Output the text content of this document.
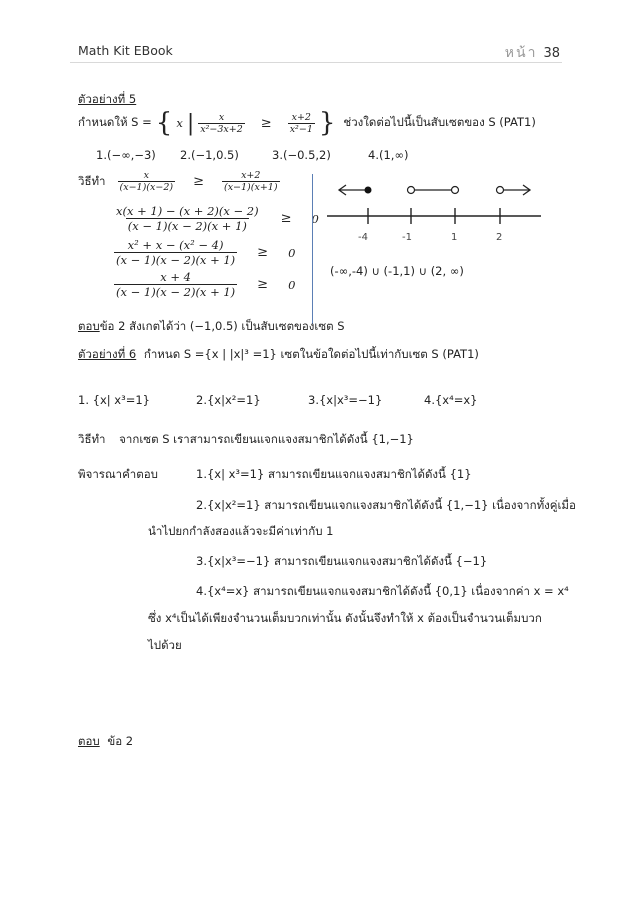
Math Kit EBook	หน้า 38
ตัวอย่างที่ 5
กำหนดให้ S = { x | $\frac{x}{\text{x²−3x+2}} \ge \frac{x+2}{\text{x²−1}}$ } ช่วงใดต่อไปนี้เป็นสับเซตของ S (PAT1)
1.(−∞,−3) 2.(−1,0.5)	3.(−0.5,2)	4.(1,∞)
วิธีทำ $\frac{x}{(x-1)(x-2)} \ge \frac{x+2}{(x-1)(x+1)}$
$\frac{x(x + 1) - (x + 2)(x - 2)}{(x - 1)(x - 2)(x + 1)} \ge 0$
$\frac{\text{x² + x − (x² − 4)}}{(x - 1)(x - 2)(x + 1)} \ge 0$
$\frac{x + 4}{(x - 1)(x - 2)(x + 1)} \ge 0$
-4	-1	1	2
(-∞,-4) ∪ (-1,1) ∪ (2, ∞)
ตอบข้อ 2 สังเกตได้ว่า (−1,0.5) เป็นสับเซตของเซต S
ตัวอย่างที่ 6 กำหนด S ={x | |x|³ =1} เซตในข้อใดต่อไปนี้เท่ากับเซต S (PAT1)
1. {x| x³=1}	2.{x|x²=1}	3.{x|x³=−1}	4.{x⁴=x}
วิธีทำ จากเซต S เราสามารถเขียนแจกแจงสมาชิกได้ดังนี้ {1,−1}
พิจารณาคำตอบ	1.{x| x³=1} สามารถเขียนแจกแจงสมาชิกได้ดังนี้ {1}
2.{x|x²=1} สามารถเขียนแจกแจงสมาชิกได้ดังนี้ {1,−1} เนื่องจากทั้งคู่เมื่อ
นำไปยกกำลังสองแล้วจะมีค่าเท่ากับ 1
3.{x|x³=−1} สามารถเขียนแจกแจงสมาชิกได้ดังนี้ {−1}
4.{x⁴=x} สามารถเขียนแจกแจงสมาชิกได้ดังนี้ {0,1} เนื่องจากค่า x = x⁴
ซึ่ง x⁴เป็นได้เพียงจำนวนเต็มบวกเท่านั้น ดังนั้นจึงทำให้ x ต้องเป็นจำนวนเต็มบวก
ไปด้วย
ตอบ ข้อ 2
